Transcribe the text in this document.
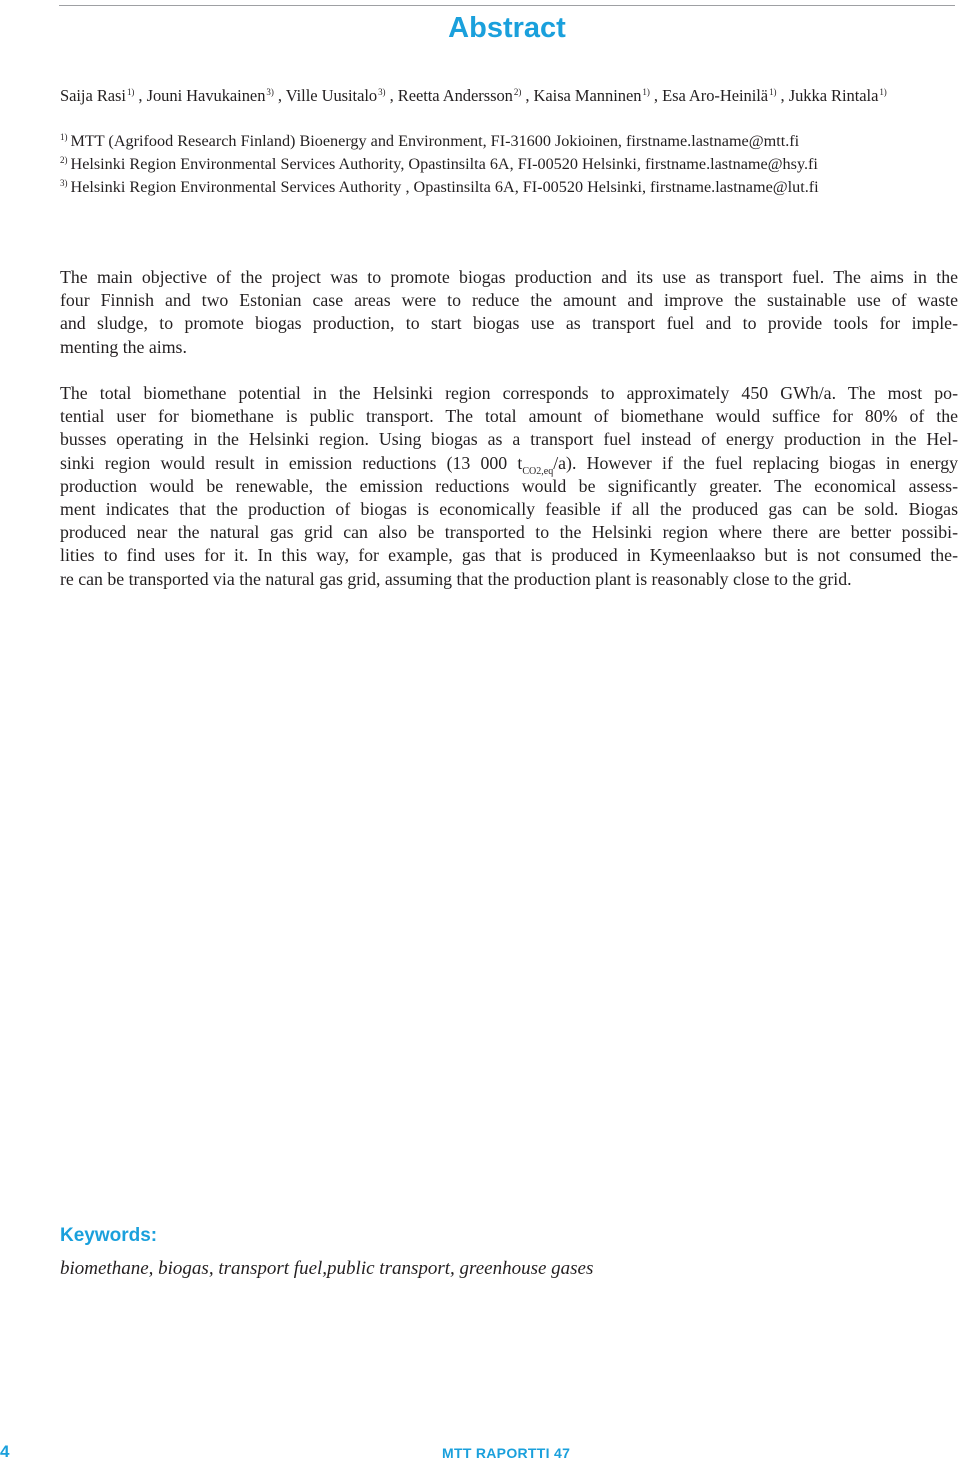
Abstract
Saija Rasi$^{1)}$ , Jouni Havukainen$^{3)}$ , Ville Uusitalo$^{3)}$ , Reetta Andersson$^{2)}$ , Kaisa Manninen$^{1)}$ , Esa Aro-Heinilä$^{1)}$ , Jukka Rintala$^{1)}$
$^{1)}$ MTT (Agrifood Research Finland) Bioenergy and Environment, FI-31600 Jokioinen, firstname.lastname@mtt.fi
$^{2)}$ Helsinki Region Environmental Services Authority, Opastinsilta 6A, FI-00520 Helsinki, firstname.lastname@hsy.fi
$^{3)}$ Helsinki Region Environmental Services Authority , Opastinsilta 6A, FI-00520 Helsinki, firstname.lastname@lut.fi
The main objective of the project was to promote biogas production and its use as transport fuel. The aims in the
four Finnish and two Estonian case areas were to reduce the amount and improve the sustainable use of waste
and sludge, to promote biogas production, to start biogas use as transport fuel and to provide tools for imple-
menting the aims.
The total biomethane potential in the Helsinki region corresponds to approximately 450 GWh/a. The most po-
tential user for biomethane is public transport. The total amount of biomethane would suffice for 80% of the
busses operating in the Helsinki region. Using biogas as a transport fuel instead of energy production in the Hel-
sinki region would result in emission reductions (13 000 $t_{CO2,eq}/a$). However if the fuel replacing biogas in energy
production would be renewable, the emission reductions would be significantly greater. The economical assess-
ment indicates that the production of biogas is economically feasible if all the produced gas can be sold. Biogas
produced near the natural gas grid can also be transported to the Helsinki region where there are better possibi-
lities to find uses for it. In this way, for example, gas that is produced in Kymeenlaakso but is not consumed the-
re can be transported via the natural gas grid, assuming that the production plant is reasonably close to the grid.
Keywords:
biomethane, biogas, transport fuel,public transport, greenhouse gases
4	MTT RAPORTTI 47
